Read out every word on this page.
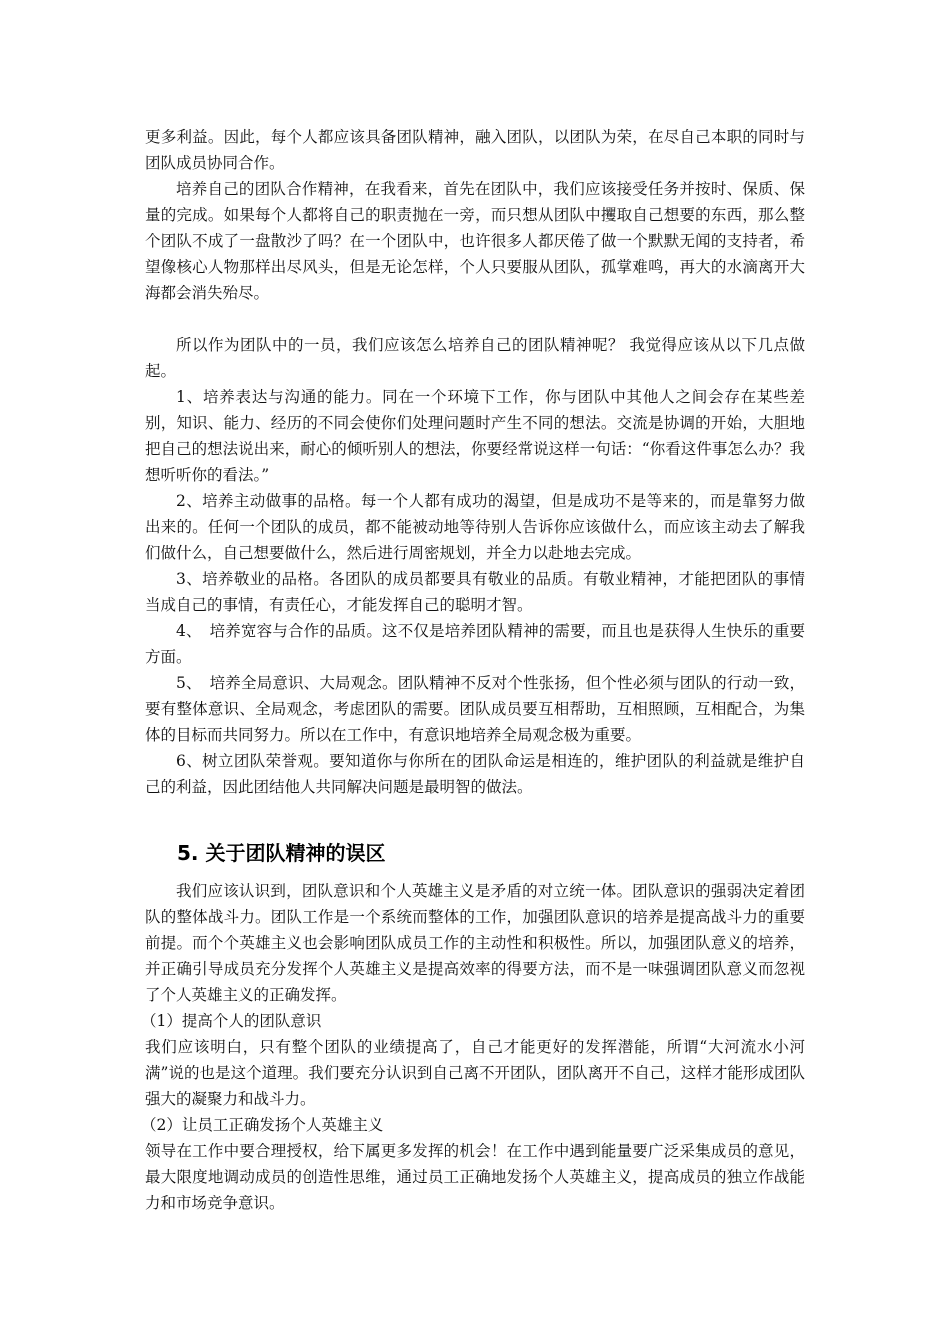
更多利益。因此，每个人都应该具备团队精神，融入团队，以团队为荣，在尽自己本职的同时与团队成员协同合作。

培养自己的团队合作精神，在我看来，首先在团队中，我们应该接受任务并按时、保质、保量的完成。如果每个人都将自己的职责抛在一旁，而只想从团队中攫取自己想要的东西，那么整个团队不成了一盘散沙了吗？在一个团队中，也许很多人都厌倦了做一个默默无闻的支持者，希望像核心人物那样出尽风头，但是无论怎样，个人只要服从团队，孤掌难鸣，再大的水滴离开大海都会消失殆尽。

所以作为团队中的一员，我们应该怎么培养自己的团队精神呢？ 我觉得应该从以下几点做起。

1、培养表达与沟通的能力。同在一个环境下工作，你与团队中其他人之间会存在某些差别，知识、能力、经历的不同会使你们处理问题时产生不同的想法。交流是协调的开始，大胆地把自己的想法说出来，耐心的倾听别人的想法，你要经常说这样一句话：“你看这件事怎么办？我想听听你的看法。”

2、培养主动做事的品格。每一个人都有成功的渴望，但是成功不是等来的，而是靠努力做出来的。任何一个团队的成员，都不能被动地等待别人告诉你应该做什么，而应该主动去了解我们做什么，自己想要做什么，然后进行周密规划，并全力以赴地去完成。

3、培养敬业的品格。各团队的成员都要具有敬业的品质。有敬业精神，才能把团队的事情当成自己的事情，有责任心，才能发挥自己的聪明才智。

4、　培养宽容与合作的品质。这不仅是培养团队精神的需要，而且也是获得人生快乐的重要方面。

5、　培养全局意识、大局观念。团队精神不反对个性张扬，但个性必须与团队的行动一致，要有整体意识、全局观念，考虑团队的需要。团队成员要互相帮助，互相照顾，互相配合，为集体的目标而共同努力。所以在工作中，有意识地培养全局观念极为重要。

6、树立团队荣誉观。要知道你与你所在的团队命运是相连的，维护团队的利益就是维护自己的利益，因此团结他人共同解决问题是最明智的做法。

5. 关于团队精神的误区

我们应该认识到，团队意识和个人英雄主义是矛盾的对立统一体。团队意识的强弱决定着团队的整体战斗力。团队工作是一个系统而整体的工作，加强团队意识的培养是提高战斗力的重要前提。而个个英雄主义也会影响团队成员工作的主动性和积极性。所以，加强团队意义的培养，并正确引导成员充分发挥个人英雄主义是提高效率的得要方法，而不是一味强调团队意义而忽视了个人英雄主义的正确发挥。

（1）提高个人的团队意识

我们应该明白，只有整个团队的业绩提高了，自己才能更好的发挥潜能，所谓“大河流水小河满”说的也是这个道理。我们要充分认识到自己离不开团队，团队离开不自己，这样才能形成团队强大的凝聚力和战斗力。

（2）让员工正确发扬个人英雄主义

领导在工作中要合理授权，给下属更多发挥的机会！在工作中遇到能量要广泛采集成员的意见，最大限度地调动成员的创造性思维，通过员工正确地发扬个人英雄主义，提高成员的独立作战能力和市场竞争意识。
